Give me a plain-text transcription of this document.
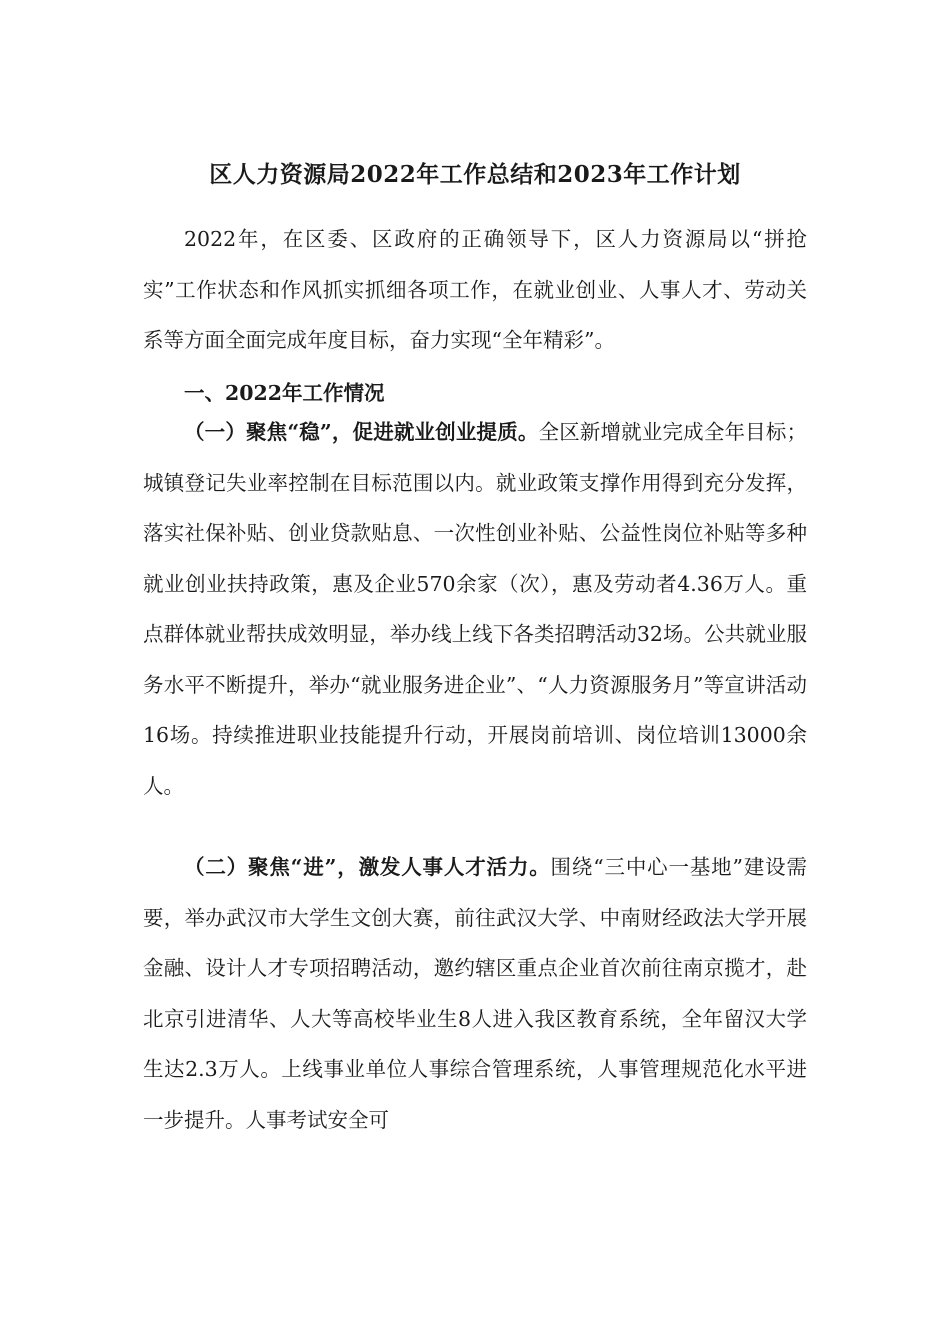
区人力资源局2022年工作总结和2023年工作计划

2022年，在区委、区政府的正确领导下，区人力资源局以“拼抢实”工作状态和作风抓实抓细各项工作，在就业创业、人事人才、劳动关系等方面全面完成年度目标，奋力实现“全年精彩”。

一、2022年工作情况

（一）聚焦“稳”，促进就业创业提质。全区新增就业完成全年目标；城镇登记失业率控制在目标范围以内。就业政策支撑作用得到充分发挥，落实社保补贴、创业贷款贴息、一次性创业补贴、公益性岗位补贴等多种就业创业扶持政策，惠及企业570余家（次），惠及劳动者4.36万人。重点群体就业帮扶成效明显，举办线上线下各类招聘活动32场。公共就业服务水平不断提升，举办“就业服务进企业”、“人力资源服务月”等宣讲活动16场。持续推进职业技能提升行动，开展岗前培训、岗位培训13000余人。

（二）聚焦“进”，激发人事人才活力。围绕“三中心一基地”建设需要，举办武汉市大学生文创大赛，前往武汉大学、中南财经政法大学开展金融、设计人才专项招聘活动，邀约辖区重点企业首次前往南京揽才，赴北京引进清华、人大等高校毕业生8人进入我区教育系统，全年留汉大学生达2.3万人。上线事业单位人事综合管理系统，人事管理规范化水平进一步提升。人事考试安全可
